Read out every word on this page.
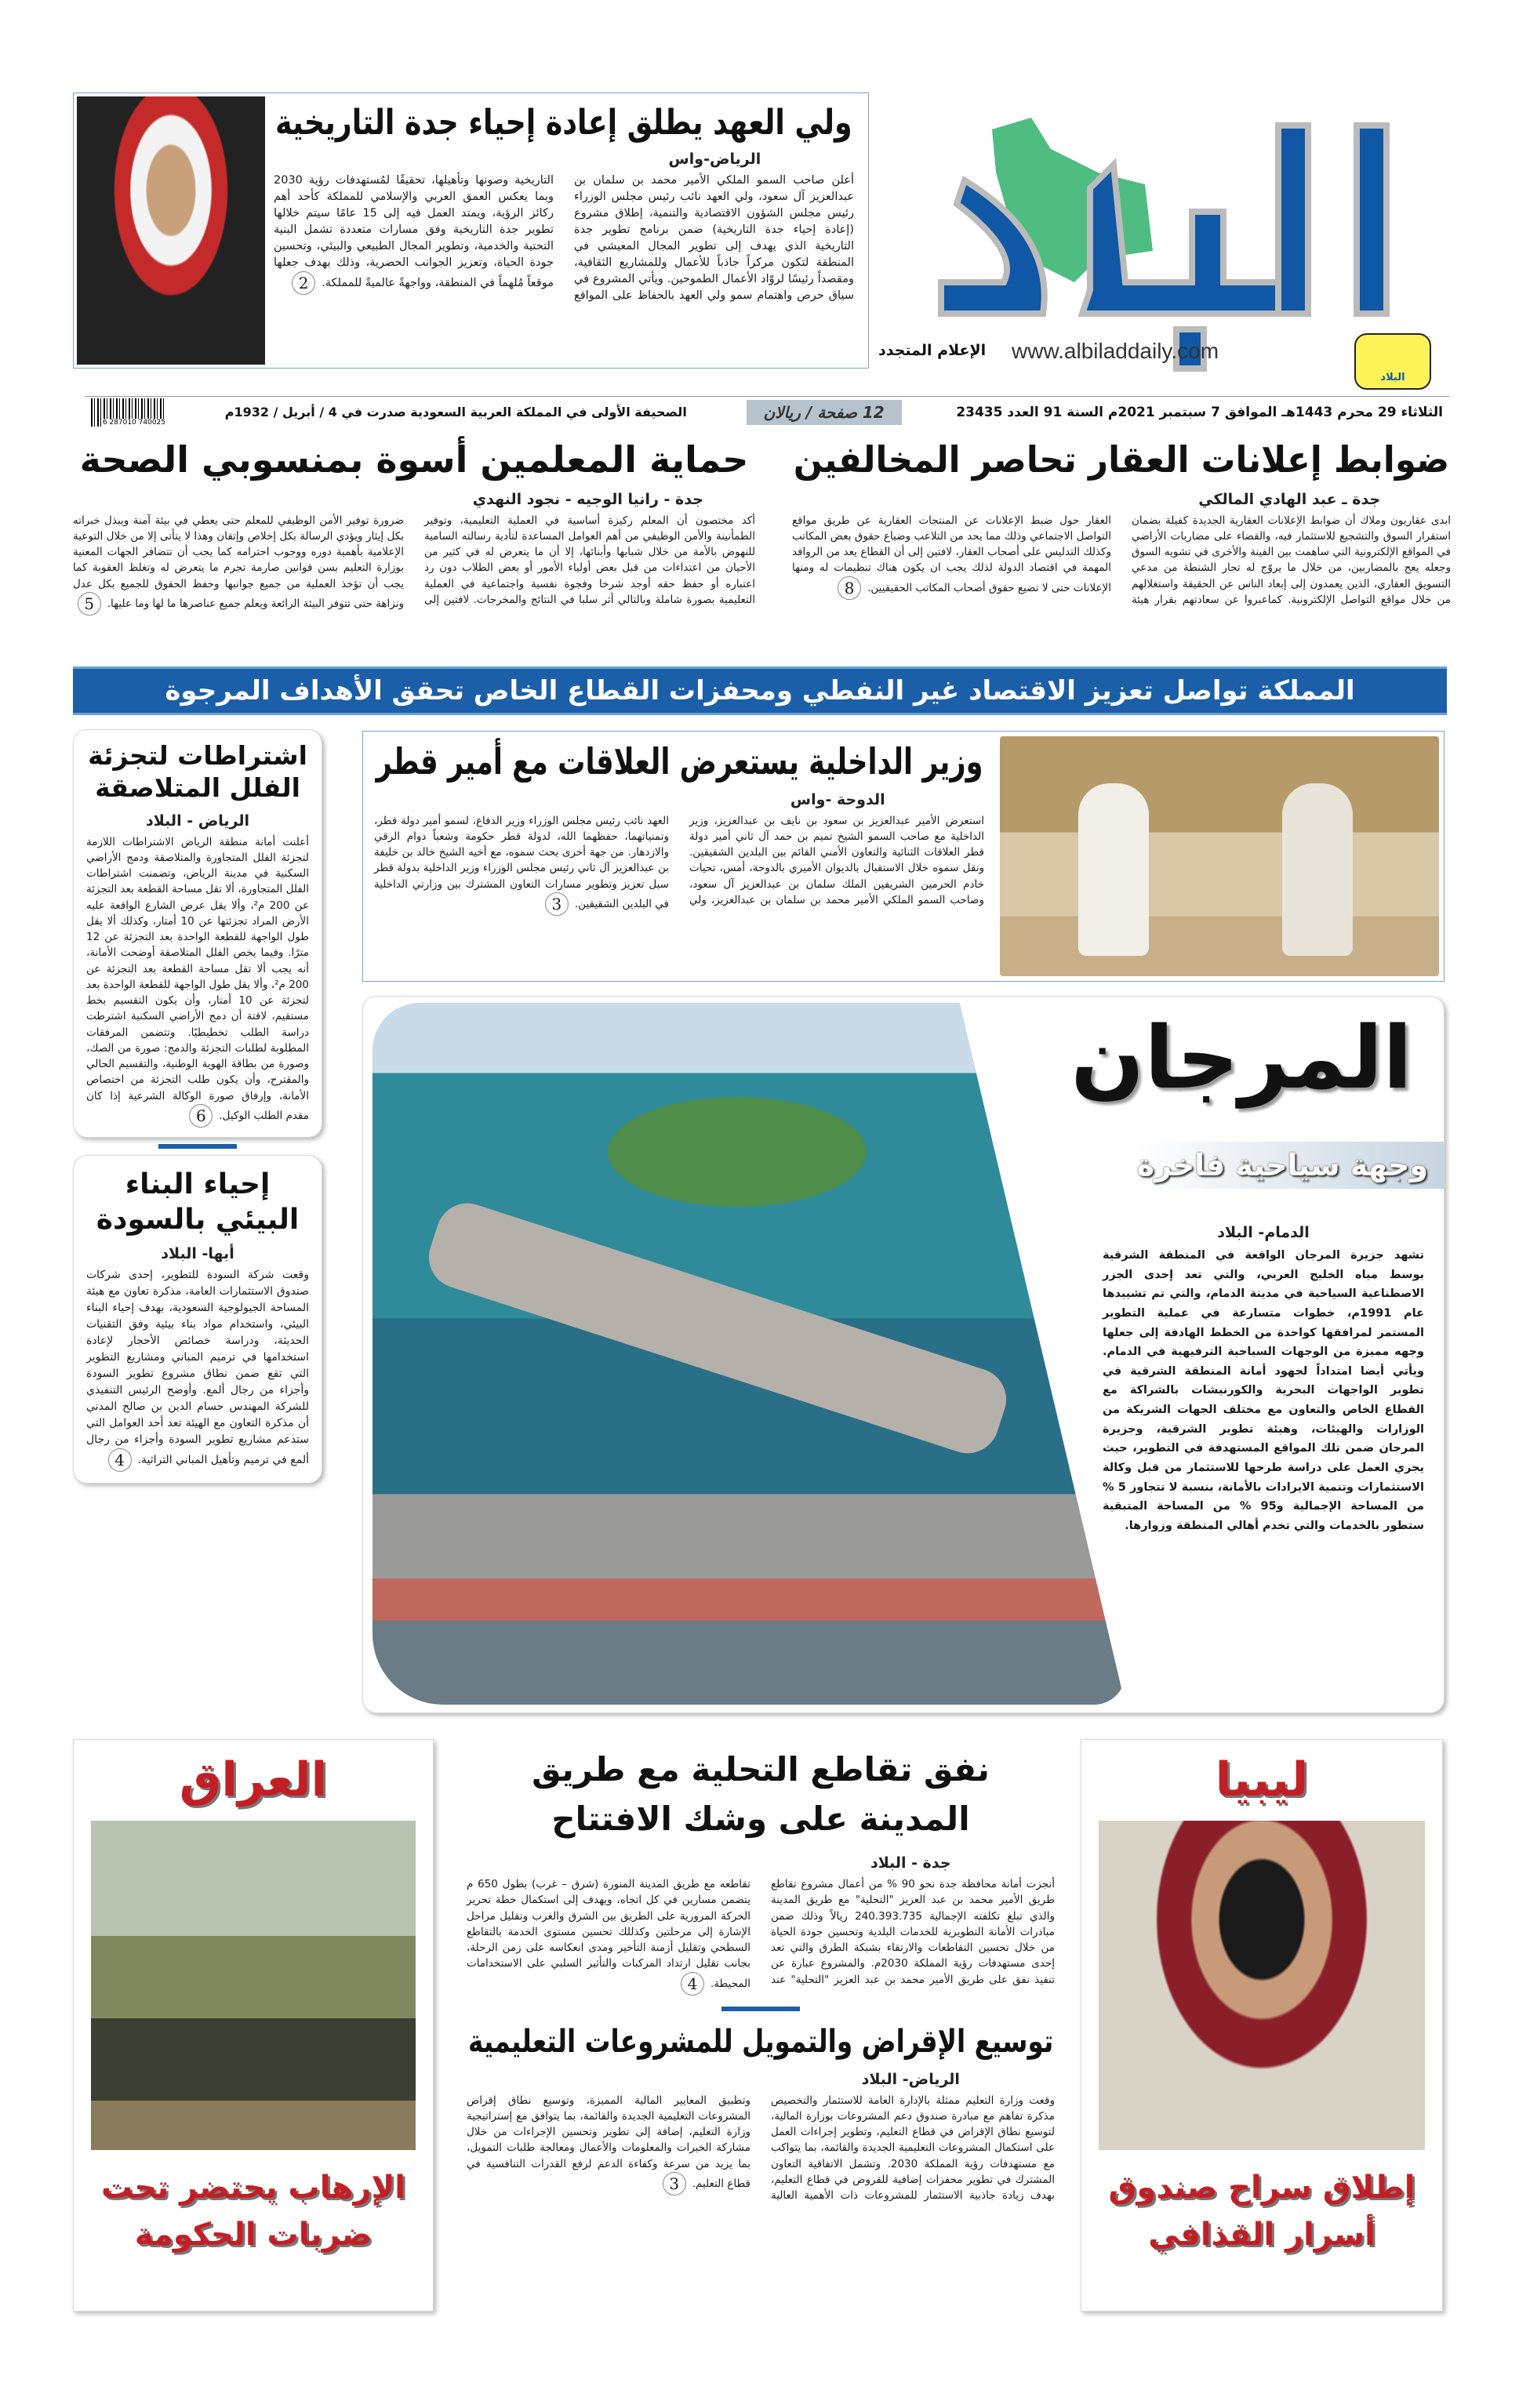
البلاد
www.albiladdaily.com
الإعلام المتجدد
ولي العهد يطلق إعادة إحياء جدة التاريخية
الرياض-واس
أعلن صاحب السمو الملكي الأمير محمد بن سلمان بن عبدالعزيز آل سعود، ولي العهد نائب رئيس مجلس الوزراء رئيس مجلس الشؤون الاقتصادية والتنمية، إطلاق مشروع (إعادة إحياء جدة التاريخية) ضمن برنامج تطوير جدة التاريخية الذي يهدف إلى تطوير المجال المعيشي في المنطقة لتكون مركزاً جاذباً للأعمال وللمشاريع الثقافية، ومقصداً رئيسًا لروّاد الأعمال الطموحين. ويأتي المشروع في سياق حرص واهتمام سمو ولي العهد بالحفاظ على المواقع التاريخية وصونها وتأهيلها، تحقيقًا لمُستهدفات رؤية 2030 وبما يعكس العمق العربي والإسلامي للمملكة كأحد أهم ركائز الرؤية، ويمتد العمل فيه إلى 15 عامًا سيتم خلالها تطوير جدة التاريخية وفق مسارات متعددة تشمل البنية التحتية والخدمية، وتطوير المجال الطبيعي والبيئي، وتحسين جودة الحياة، وتعزيز الجوانب الحضرية، وذلك بهدف جعلها موقعاً مُلهماً في المنطقة، وواجهةً عالميةً للمملكة.2
الثلاثاء 29 محرم 1443هـ الموافق 7 سبتمبر 2021م السنة 91 العدد 23435
12 صفحة / ريالان
الصحيفة الأولى في المملكة العربية السعودية صدرت في 4 / أبريل / 1932م
6 287010 740025
ضوابط إعلانات العقار تحاصر المخالفين
جدة ـ عبد الهادي المالكي
ابدى عقاريون وملاك أن ضوابط الإعلانات العقارية الجديدة كفيلة بضمان استقرار السوق والتشجيع للاستثمار فيه، والقضاء على مضاربات الأراضي في المواقع الإلكترونية التي ساهمت بين الفينة والأخرى في تشويه السوق وجعله يعج بالمضاربين، من خلال ما يروّج له تجار الشنطة من مدعي التسويق العقاري، الذين يعمدون إلى إبعاد الناس عن الحقيقة واستغلالهم من خلال مواقع التواصل الإلكترونية. كماعبروا عن سعادتهم بقرار هيئة العقار حول ضبط الإعلانات عن المنتجات العقارية عن طريق مواقع التواصل الاجتماعي وذلك مما يحد من التلاعب وضياع حقوق بعض المكاتب وكذلك التدليس على أصحاب العقار، لافتين إلى أن القطاع يعد من الروافد المهمة في اقتصاد الدولة لذلك يجب ان يكون هناك تنظيمات له ومنها الإعلانات حتى لا تضيع حقوق أصحاب المكاتب الحقيقيين.8
حماية المعلمين أسوة بمنسوبي الصحة
جدة - رانيا الوجيه - نجود النهدي
أكد مختصون أن المعلم ركيزة أساسية في العملية التعليمية، وتوفير الطمأنينة والأمن الوظيفي من أهم العوامل المساعدة لتأدية رسالته السامية للنهوض بالأمة من خلال شبابها وأبنائها، إلا أن ما يتعرض له في كثير من الأحيان من اعتداءات من قبل بعض أولياء الأمور أو بعض الطلاب دون رد اعتباره أو حفظ حقه أوجد شرخا وفجوة نفسية واجتماعية في العملية التعليمية بصورة شاملة وبالتالي أثر سلبا في النتائج والمخرجات. لافتين إلى ضرورة توفير الأمن الوظيفي للمعلم حتى يعطي في بيئة آمنة ويبذل خبراته بكل إيثار ويؤدي الرسالة بكل إخلاص وإتقان وهذا لا يتأتى إلا من خلال التوعية الإعلامية بأهمية دوره ووجوب احترامه كما يجب أن تتضافر الجهات المعنية بوزارة التعليم بسن قوانين صارمة تجرم ما يتعرض له وتغلظ العقوبة كما يجب أن تؤخذ العملية من جميع جوانبها وحفظ الحقوق للجميع بكل عدل ونزاهة حتى تتوفر البيئة الرائعة ويعلم جميع عناصرها ما لها وما عليها.5
المملكة تواصل تعزيز الاقتصاد غير النفطي ومحفزات القطاع الخاص تحقق الأهداف المرجوة
وزير الداخلية يستعرض العلاقات مع أمير قطر
الدوحة -واس
استعرض الأمير عبدالعزيز بن سعود بن نايف بن عبدالعزيز، وزير الداخلية مع صاحب السمو الشيخ تميم بن حمد آل ثاني أمير دولة قطر العلاقات الثنائية والتعاون الأمني القائم بين البلدين الشقيقين. ونقل سموه خلال الاستقبال بالديوان الأميري بالدوحة، أمس، تحيات خادم الحرمين الشريفين الملك سلمان بن عبدالعزيز آل سعود، وصاحب السمو الملكي الأمير محمد بن سلمان بن عبدالعزيز، ولي العهد نائب رئيس مجلس الوزراء وزير الدفاع، لسمو أمير دولة قطر، وتمنياتهما، حفظهما الله، لدولة قطر حكومة وشعباً دوام الرقي والازدهار. من جهة أخرى بحث سموه، مع أخيه الشيخ خالد بن خليفة بن عبدالعزيز آل ثاني رئيس مجلس الوزراء وزير الداخلية بدولة قطر سبل تعزيز وتطوير مسارات التعاون المشترك بين وزارتي الداخلية في البلدين الشقيقين.3
اشتراطات لتجزئة الفلل المتلاصقة
الرياض - البلاد
أعلنت أمانة منطقة الرياض الاشتراطات اللازمة لتجزئة الفلل المتجاورة والمتلاصقة ودمج الأراضي السكنية في مدينة الرياض، وتضمنت اشتراطات الفلل المتجاورة، ألا تقل مساحة القطعة بعد التجزئة عن 200 م²، وألا يقل عرض الشارع الواقعة عليه الأرض المراد تجزئتها عن 10 أمتار، وكذلك ألا يقل طول الواجهة للقطعة الواحدة بعد التجزئة عن 12 مترًا. وفيما يخص الفلل المتلاصقة أوضحت الأمانة، أنه يجب ألا تقل مساحة القطعة بعد التجزئة عن 200 م²، وألا يقل طول الواجهة للقطعة الواحدة بعد لتجزئة عن 10 أمتار، وأن يكون التقسيم بخط مستقيم، لافتة أن دمج الأراضي السكنية اشترطت دراسة الطلب تخطيطيًا. وتتضمن المرفقات المطلوبة لطلبات التجزئة والدمج: صورة من الصك، وصورة من بطاقة الهوية الوطنية، والتقسيم الحالي والمقترح، وأن يكون طلب التجزئة من اختصاص الأمانة، وإرفاق صورة الوكالة الشرعية إذا كان مقدم الطلب الوكيل.6
إحياء البناء البيئي بالسودة
أبها- البلاد
وقعت شركة السودة للتطوير، إحدى شركات صندوق الاستثمارات العامة، مذكرة تعاون مع هيئة المساحة الجيولوجية السعودية، بهدف إحياء البناء البيئي، واستخدام مواد بناء بيئية وفق التقنيات الحديثة، ودراسة خصائص الأحجار لإعادة استخدامها في ترميم المباني ومشاريع التطوير التي تقع ضمن نطاق مشروع تطوير السودة وأجزاء من رجال ألمع. وأوضح الرئيس التنفيذي للشركة المهندس حسام الدين بن صالح المدني أن مذكرة التعاون مع الهيئة تعد أحد العوامل التي ستدعم مشاريع تطوير السودة وأجزاء من رجال ألمع في ترميم وتأهيل المباني التراثية.4
المرجان
وجهة سياحية فاخرة
الدمام- البلاد
تشهد جزيرة المرجان الواقعة في المنطقة الشرقية بوسط مياه الخليج العربي، والتي تعد إحدى الجزر الاصطناعية السياحية في مدينة الدمام، والتي تم تشييدها عام 1991م، خطوات متسارعة في عملية التطوير المستمر لمرافقها كواحدة من الخطط الهادفة إلى جعلها وجهه مميزة من الوجهات السياحية الترفيهية في الدمام. ويأتي أيضا امتداداً لجهود أمانة المنطقة الشرقية في تطوير الواجهات البحرية والكورنيشات بالشراكة مع القطاع الخاص والتعاون مع مختلف الجهات الشريكة من الوزارات والهيئات، وهيئة تطوير الشرقية، وجزيرة المرجان ضمن تلك المواقع المستهدفة في التطوير، حيث يجري العمل على دراسة طرحها للاستثمار من قبل وكالة الاستثمارات وتنمية الايرادات بالأمانة، بنسبة لا تتجاوز 5 % من المساحة الإجمالية و95 % من المساحة المتبقية ستطور بالخدمات والتي تخدم أهالي المنطقة وزوارها.
العراق
الإرهاب يحتضر تحت ضربات الحكومة
ليبيا
إطلاق سراح صندوق أسرار القذافي
نفق تقاطع التحلية مع طريق المدينة على وشك الافتتاح
جدة - البلاد
أنجزت أمانة محافظة جدة نحو 90 % من أعمال مشروع تقاطع طريق الأمير محمد بن عبد العزيز "التحلية" مع طريق المدينة والذي تبلغ تكلفته الإجمالية 240.393.735 ريالاً وذلك ضمن مبادرات الأمانة التطويرية للخدمات البلدية وتحسين جودة الحياة من خلال تحسين التقاطعات والارتقاء بشبكة الطرق والتي تعد إحدى مستهدفات رؤية المملكة 2030م. والمشروع عبارة عن تنفيذ نفق على طريق الأمير محمد بن عبد العزيز "التحلية" عند تقاطعه مع طريق المدينة المنورة (شرق – غرب) بطول 650 م يتضمن مسارين في كل اتجاه، ويهدف إلى استكمال خطة تحرير الحركة المرورية على الطريق بين الشرق والغرب وتقليل مراحل الإشارة إلى مرحلتين وكذللك تحسين مستوى الخدمة بالتقاطع السطحي وتقليل أزمنة التأخير ومدى انعكاسه على زمن الرحلة، بجانب تقليل ارتداد المركبات والتأثير السلبي على الاستخدامات المحيطة.4
توسيع الإقراض والتمويل للمشروعات التعليمية
الرياض- البلاد
وقعت وزارة التعليم ممثلة بالإدارة العامة للاستثمار والتخصيص مذكرة تفاهم مع مبادرة صندوق دعم المشروعات بوزارة المالية، لتوسيع نطاق الإقراض في قطاع التعليم، وتطوير إجراءات العمل على استكمال المشروعات التعليمية الجديدة والقائمة، بما يتواكب مع مستهدفات رؤية المملكة 2030. وتشمل الاتفاقية التعاون المشترك في تطوير محفزات إضافية للقروض في قطاع التعليم، بهدف زيادة جاذبية الاستثمار للمشروعات ذات الأهمية العالية وتطبيق المعايير المالية المميزة، وتوسيع نطاق إقراض المشروعات التعليمية الجديدة والقائمة، بما يتوافق مع إستراتيجية وزارة التعليم، إضافة إلى تطوير وتحسين الإجراءات من خلال مشاركة الخبرات والمعلومات والأعمال ومعالجة طلبات التمويل، بما يزيد من سرعة وكفاءة الدعم لرفع القدرات التنافسية في قطاع التعليم.3
